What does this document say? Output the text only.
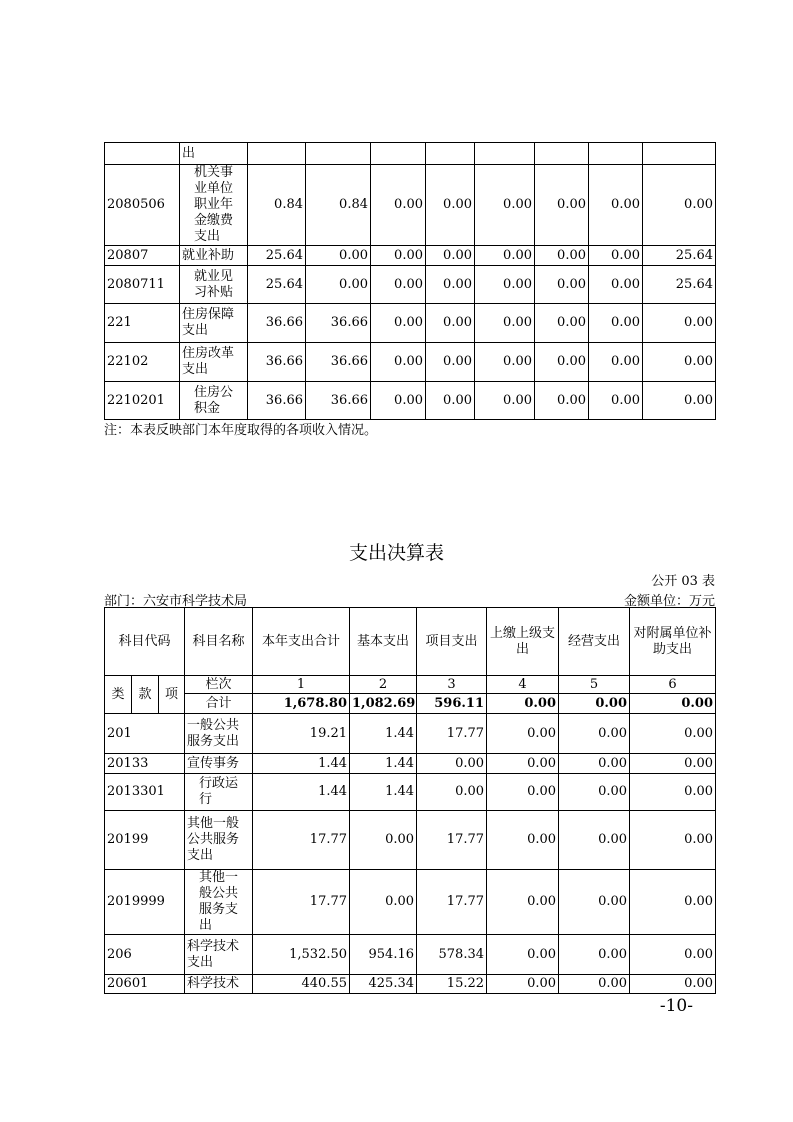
	出								
2080506	机关事业单位职业年金缴费支出	0.84	0.84	0.00	0.00	0.00	0.00	0.00	0.00
20807	就业补助	25.64	0.00	0.00	0.00	0.00	0.00	0.00	25.64
2080711	就业见习补贴	25.64	0.00	0.00	0.00	0.00	0.00	0.00	25.64
221	住房保障支出	36.66	36.66	0.00	0.00	0.00	0.00	0.00	0.00
22102	住房改革支出	36.66	36.66	0.00	0.00	0.00	0.00	0.00	0.00
2210201	住房公积金	36.66	36.66	0.00	0.00	0.00	0.00	0.00	0.00
注：本表反映部门本年度取得的各项收入情况。
支出决算表
公开 03 表
部门：六安市科学技术局	金额单位：万元
科目代码			科目名称	本年支出合计	基本支出	项目支出	上缴上级支出	经营支出	对附属单位补助支出
类	款	项	栏次	1	2	3	4	5	6
			合计	1,678.80	1,082.69	596.11	0.00	0.00	0.00
201			一般公共服务支出	19.21	1.44	17.77	0.00	0.00	0.00
20133			宣传事务	1.44	1.44	0.00	0.00	0.00	0.00
2013301			行政运行	1.44	1.44	0.00	0.00	0.00	0.00
20199			其他一般公共服务支出	17.77	0.00	17.77	0.00	0.00	0.00
2019999			其他一般公共服务支出	17.77	0.00	17.77	0.00	0.00	0.00
206			科学技术支出	1,532.50	954.16	578.34	0.00	0.00	0.00
20601			科学技术	440.55	425.34	15.22	0.00	0.00	0.00
-10-
